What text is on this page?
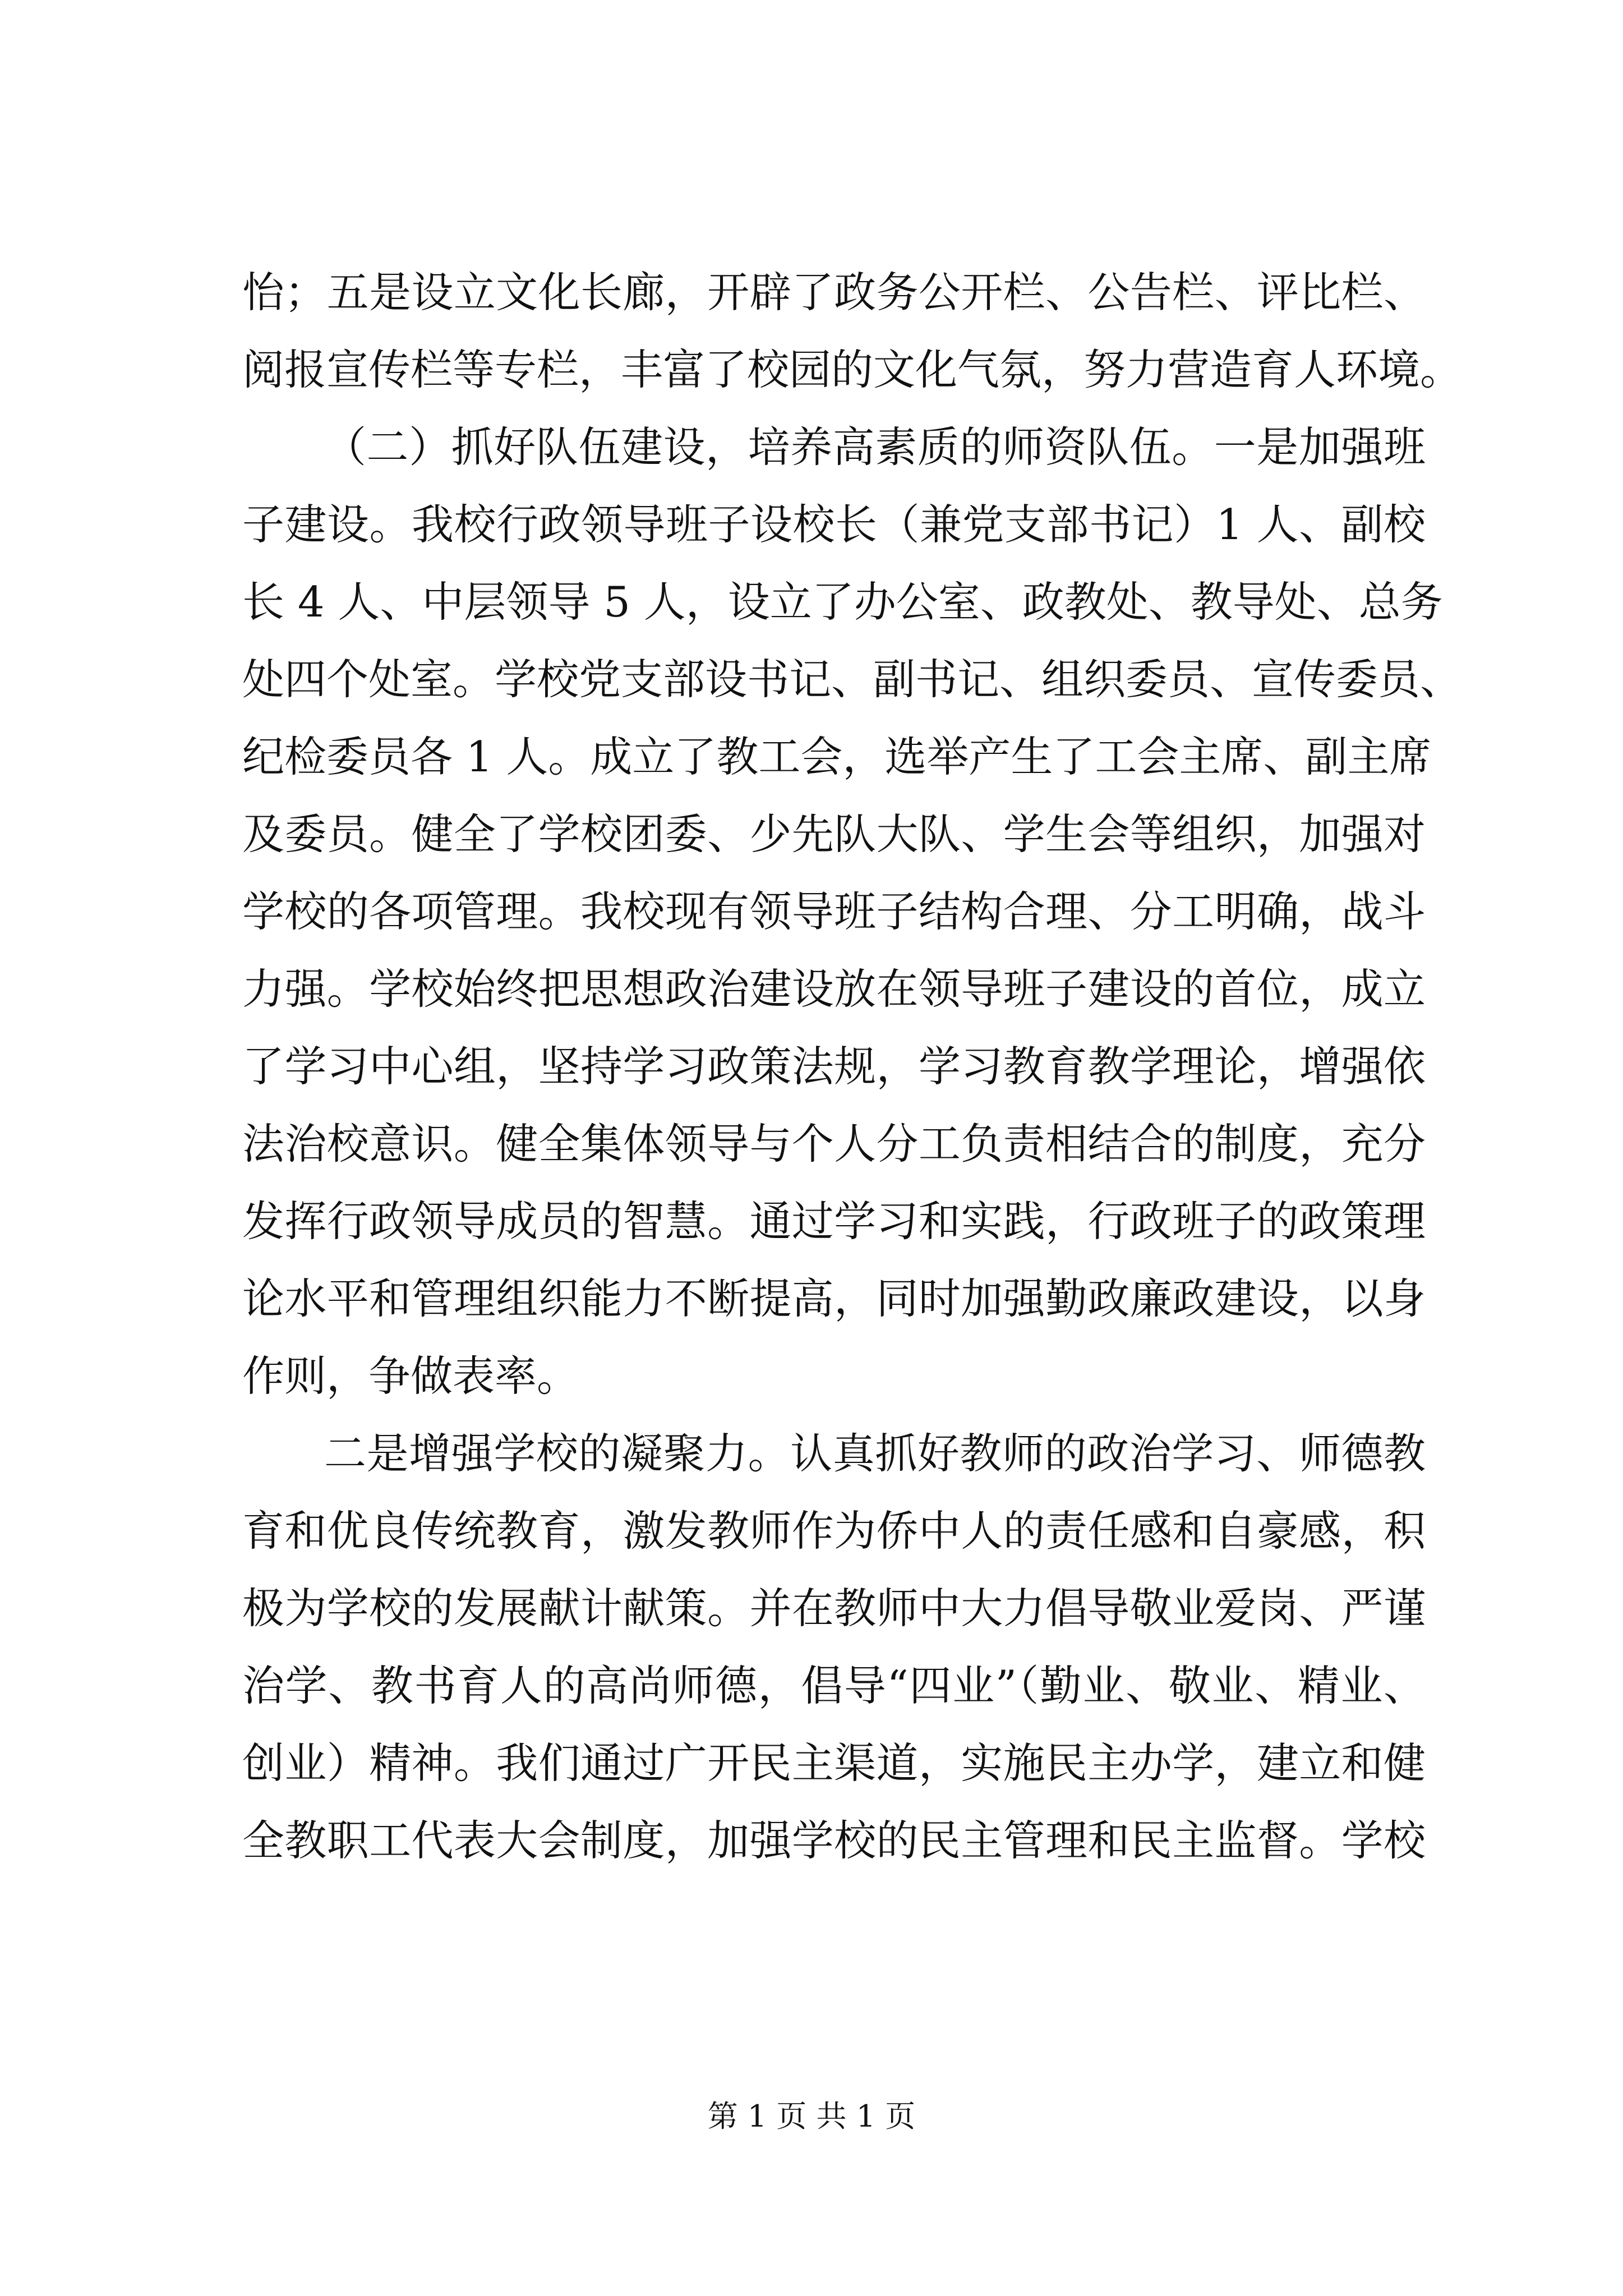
怡；五是设立文化长廊，开辟了政务公开栏、公告栏、评比栏、
阅报宣传栏等专栏，丰富了校园的文化气氛，努力营造育人环境。
（二）抓好队伍建设，培养高素质的师资队伍。一是加强班
子建设。我校行政领导班子设校长（兼党支部书记）1 人、副校
长 4 人、中层领导 5 人，设立了办公室、政教处、教导处、总务
处四个处室。学校党支部设书记、副书记、组织委员、宣传委员、
纪检委员各 1 人。成立了教工会，选举产生了工会主席、副主席
及委员。健全了学校团委、少先队大队、学生会等组织，加强对
学校的各项管理。我校现有领导班子结构合理、分工明确，战斗
力强。学校始终把思想政治建设放在领导班子建设的首位，成立
了学习中心组，坚持学习政策法规，学习教育教学理论，增强依
法治校意识。健全集体领导与个人分工负责相结合的制度，充分
发挥行政领导成员的智慧。通过学习和实践，行政班子的政策理
论水平和管理组织能力不断提高，同时加强勤政廉政建设，以身
作则，争做表率。
二是增强学校的凝聚力。认真抓好教师的政治学习、师德教
育和优良传统教育，激发教师作为侨中人的责任感和自豪感，积
极为学校的发展献计献策。并在教师中大力倡导敬业爱岗、严谨
治学、教书育人的高尚师德，倡导“四业”（勤业、敬业、精业、
创业）精神。我们通过广开民主渠道，实施民主办学，建立和健
全教职工代表大会制度，加强学校的民主管理和民主监督。学校
第 1 页 共 1 页
